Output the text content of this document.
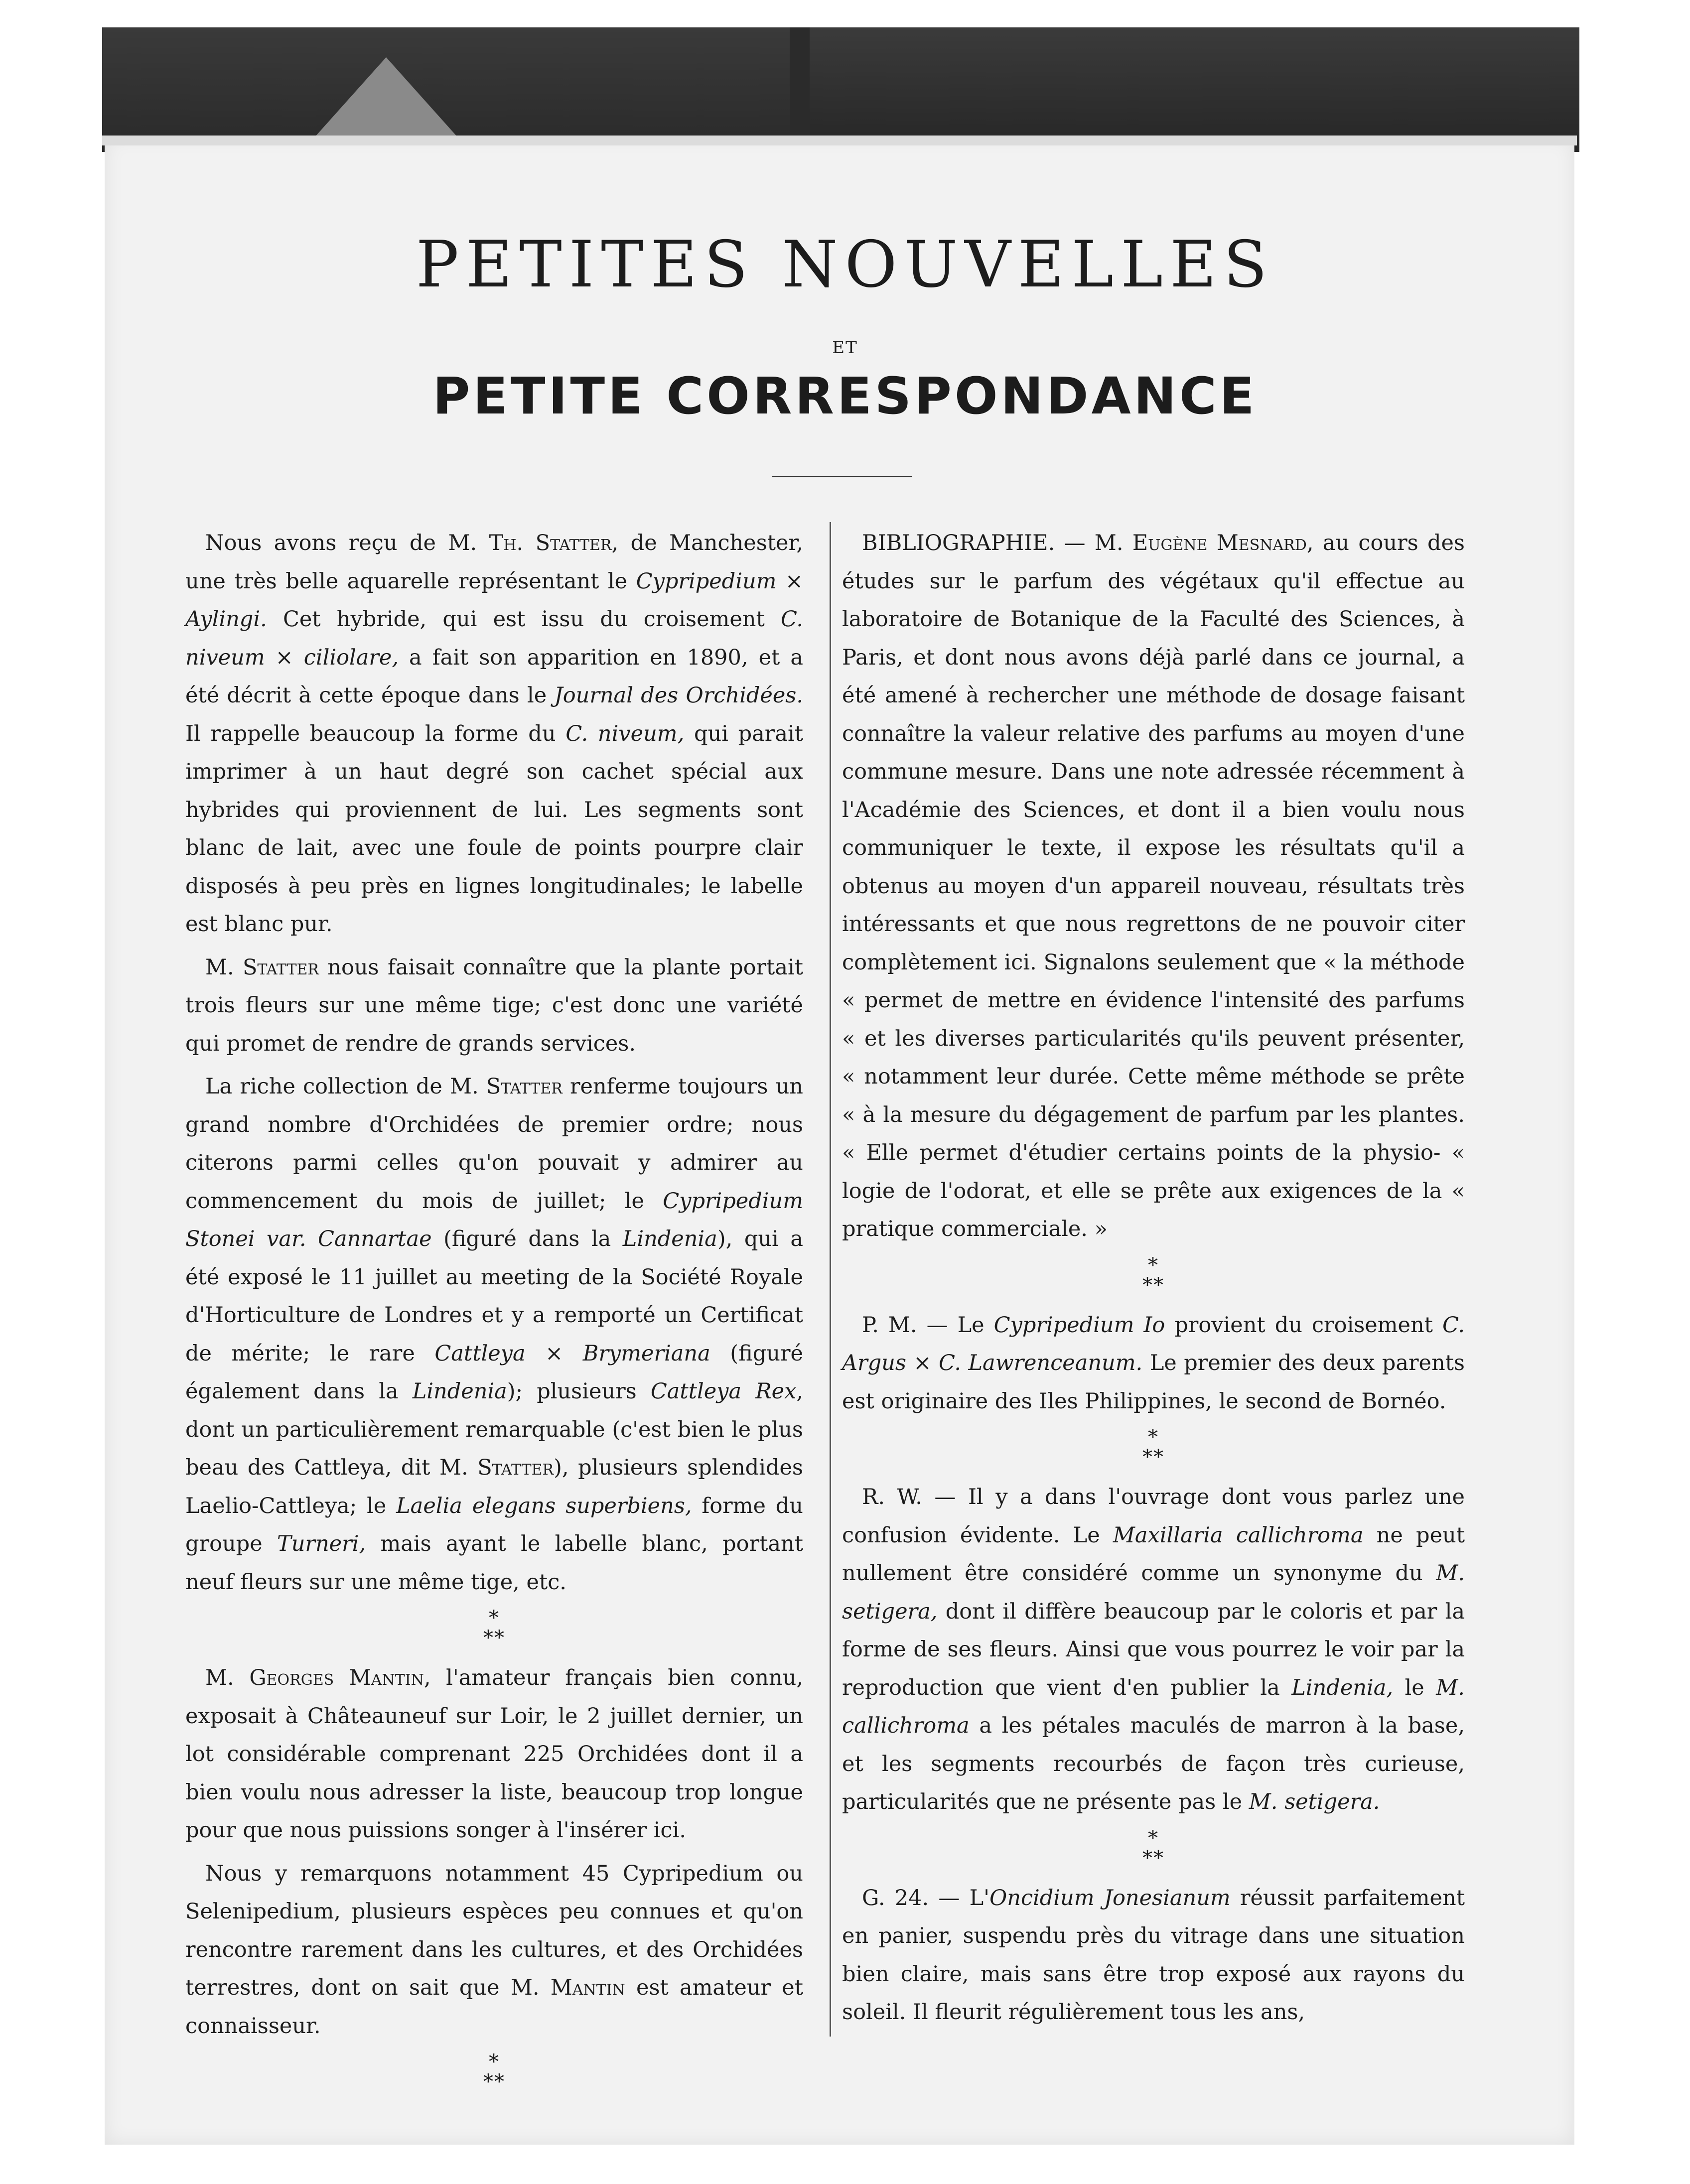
PETITES NOUVELLES
ET
PETITE CORRESPONDANCE

Nous avons reçu de M. Th. Statter, de Manchester, une très belle aquarelle représentant le Cypripedium × Aylingi. Cet hybride, qui est issu du croisement C. niveum × ciliolare, a fait son apparition en 1890, et a été décrit à cette époque dans le Journal des Orchidées. Il rappelle beaucoup la forme du C. niveum, qui parait imprimer à un haut degré son cachet spécial aux hybrides qui proviennent de lui. Les segments sont blanc de lait, avec une foule de points pourpre clair disposés à peu près en lignes longitudinales; le labelle est blanc pur.

M. Statter nous faisait connaître que la plante portait trois fleurs sur une même tige; c'est donc une variété qui promet de rendre de grands services.

La riche collection de M. Statter renferme toujours un grand nombre d'Orchidées de premier ordre; nous citerons parmi celles qu'on pouvait y admirer au commencement du mois de juillet; le Cypripedium Stonei var. Cannartae (figuré dans la Lindenia), qui a été exposé le 11 juillet au meeting de la Société Royale d'Horticulture de Londres et y a remporté un Certificat de mérite; le rare Cattleya × Brymeriana (figuré également dans la Lindenia); plusieurs Cattleya Rex, dont un particulièrement remarquable (c'est bien le plus beau des Cattleya, dit M. Statter), plusieurs splendides Laelio-Cattleya; le Laelia elegans superbiens, forme du groupe Turneri, mais ayant le labelle blanc, portant neuf fleurs sur une même tige, etc.

*
**

M. Georges Mantin, l'amateur français bien connu, exposait à Châteauneuf sur Loir, le 2 juillet dernier, un lot considérable comprenant 225 Orchidées dont il a bien voulu nous adresser la liste, beaucoup trop longue pour que nous puissions songer à l'insérer ici.

Nous y remarquons notamment 45 Cypripedium ou Selenipedium, plusieurs espèces peu connues et qu'on rencontre rarement dans les cultures, et des Orchidées terrestres, dont on sait que M. Mantin est amateur et connaisseur.

*
**

BIBLIOGRAPHIE. — M. Eugène Mesnard, au cours des études sur le parfum des végétaux qu'il effectue au laboratoire de Botanique de la Faculté des Sciences, à Paris, et dont nous avons déjà parlé dans ce journal, a été amené à rechercher une méthode de dosage faisant connaître la valeur relative des parfums au moyen d'une commune mesure. Dans une note adressée récemment à l'Académie des Sciences, et dont il a bien voulu nous communiquer le texte, il expose les résultats qu'il a obtenus au moyen d'un appareil nouveau, résultats très intéressants et que nous regrettons de ne pouvoir citer complètement ici. Signalons seulement que « la méthode « permet de mettre en évidence l'intensité des parfums « et les diverses particularités qu'ils peuvent présenter, « notamment leur durée. Cette même méthode se prête « à la mesure du dégagement de parfum par les plantes. « Elle permet d'étudier certains points de la physio- « logie de l'odorat, et elle se prête aux exigences de la « pratique commerciale. »

*
**

P. M. — Le Cypripedium Io provient du croisement C. Argus × C. Lawrenceanum. Le premier des deux parents est originaire des Iles Philippines, le second de Bornéo.

*
**

R. W. — Il y a dans l'ouvrage dont vous parlez une confusion évidente. Le Maxillaria callichroma ne peut nullement être considéré comme un synonyme du M. setigera, dont il diffère beaucoup par le coloris et par la forme de ses fleurs. Ainsi que vous pourrez le voir par la reproduction que vient d'en publier la Lindenia, le M. callichroma a les pétales maculés de marron à la base, et les segments recourbés de façon très curieuse, particularités que ne présente pas le M. setigera.

*
**

G. 24. — L'Oncidium Jonesianum réussit parfaitement en panier, suspendu près du vitrage dans une situation bien claire, mais sans être trop exposé aux rayons du soleil. Il fleurit régulièrement tous les ans,
